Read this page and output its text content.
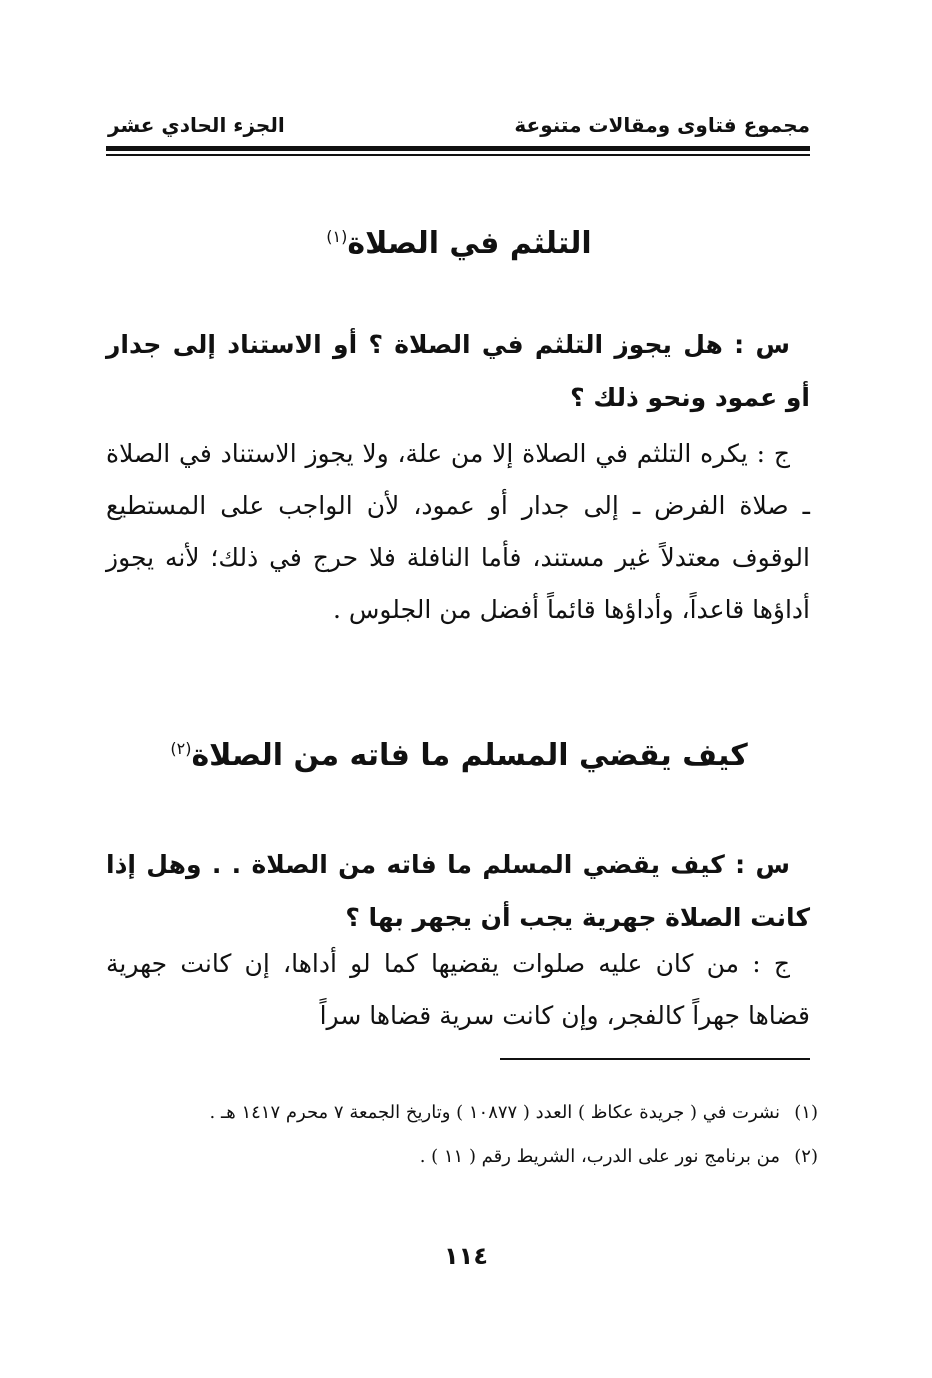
مجموع فتاوى ومقالات متنوعة
الجزء الحادي عشر
التلثم في الصلاة$^{(١)}$
س : هل يجوز التلثم في الصلاة ؟ أو الاستناد إلى جدار أو عمود ونحو ذلك ؟
ج : يكره التلثم في الصلاة إلا من علة، ولا يجوز الاستناد في الصلاة ـ صلاة الفرض ـ إلى جدار أو عمود، لأن الواجب على المستطيع الوقوف معتدلاً غير مستند، فأما النافلة فلا حرج في ذلك؛ لأنه يجوز أداؤها قاعداً، وأداؤها قائماً أفضل من الجلوس .
كيف يقضي المسلم ما فاته من الصلاة$^{(٢)}$
س : كيف يقضي المسلم ما فاته من الصلاة . . وهل إذا كانت الصلاة جهرية يجب أن يجهر بها ؟
ج : من كان عليه صلوات يقضيها كما لو أداها، إن كانت جهرية قضاها جهراً كالفجر، وإن كانت سرية قضاها سراً
(١)
نشرت في ( جريدة عكاظ ) العدد ( ١٠٨٧٧ ) وتاريخ الجمعة ٧ محرم ١٤١٧ هـ .
(٢)
من برنامج نور على الدرب، الشريط رقم ( ١١ ) .
١١٤
